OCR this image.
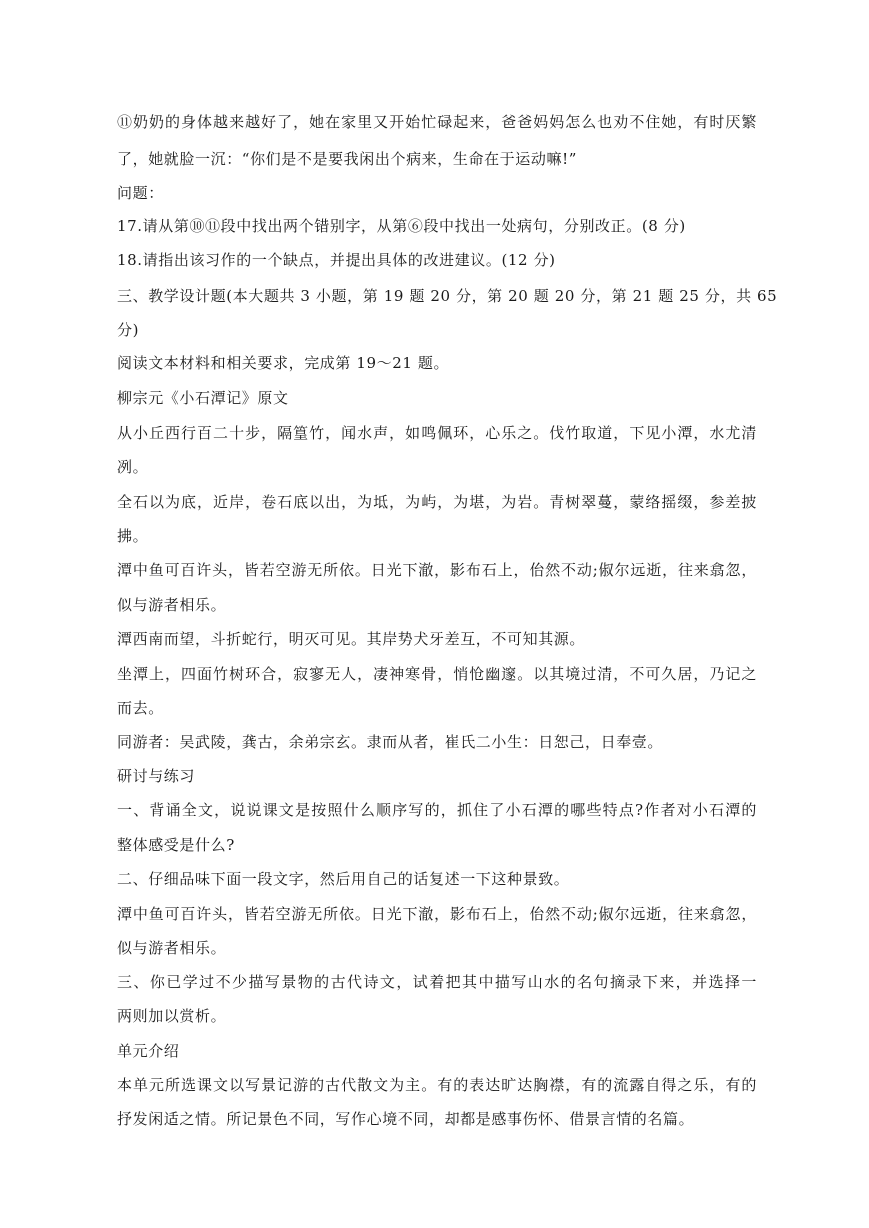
⑪奶奶的身体越来越好了，她在家里又开始忙碌起来，爸爸妈妈怎么也劝不住她，有时厌繁

了，她就脸一沉：“你们是不是要我闲出个病来，生命在于运动嘛!”

问题：

17.请从第⑩⑪段中找出两个错别字，从第⑥段中找出一处病句，分别改正。(8 分)

18.请指出该习作的一个缺点，并提出具体的改进建议。(12 分)

三、教学设计题(本大题共 3 小题，第 19 题 20 分，第 20 题 20 分，第 21 题 25 分，共 65

分)

阅读文本材料和相关要求，完成第 19～21 题。

柳宗元《小石潭记》原文

从小丘西行百二十步，隔篁竹，闻水声，如鸣佩环，心乐之。伐竹取道，下见小潭，水尤清

冽。

全石以为底，近岸，卷石底以出，为坻，为屿，为堪，为岩。青树翠蔓，蒙络摇缀，参差披

拂。

潭中鱼可百许头，皆若空游无所依。日光下澈，影布石上，佁然不动;俶尔远逝，往来翕忽，

似与游者相乐。

潭西南而望，斗折蛇行，明灭可见。其岸势犬牙差互，不可知其源。

坐潭上，四面竹树环合，寂寥无人，凄神寒骨，悄怆幽邃。以其境过清，不可久居，乃记之

而去。

同游者：吴武陵，龚古，余弟宗玄。隶而从者，崔氏二小生：日恕己，日奉壹。

研讨与练习

一、背诵全文，说说课文是按照什么顺序写的，抓住了小石潭的哪些特点?作者对小石潭的

整体感受是什么?

二、仔细品味下面一段文字，然后用自己的话复述一下这种景致。

潭中鱼可百许头，皆若空游无所依。日光下澈，影布石上，佁然不动;俶尔远逝，往来翕忽，

似与游者相乐。

三、你已学过不少描写景物的古代诗文，试着把其中描写山水的名句摘录下来，并选择一

两则加以赏析。

单元介绍

本单元所选课文以写景记游的古代散文为主。有的表达旷达胸襟，有的流露自得之乐，有的

抒发闲适之情。所记景色不同，写作心境不同，却都是感事伤怀、借景言情的名篇。
